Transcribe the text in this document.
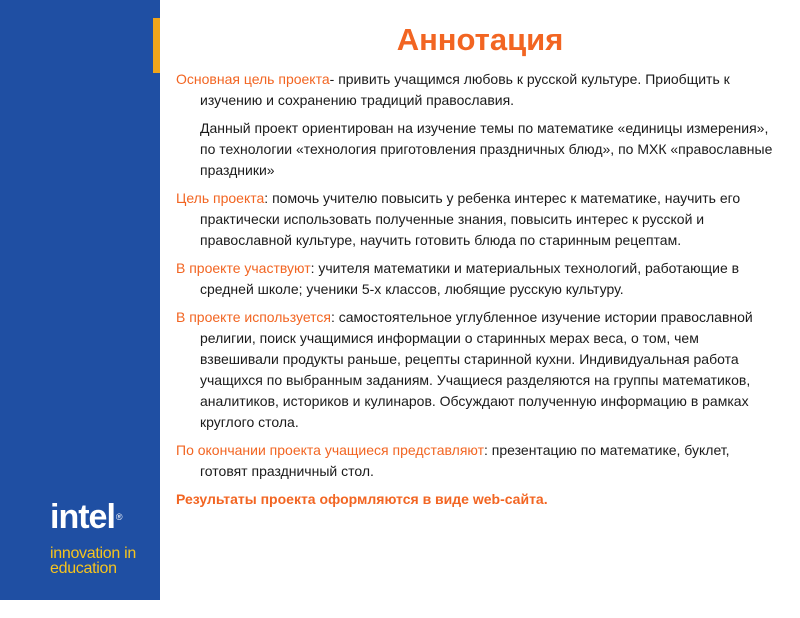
intel®
innovation in
education
Аннотация

Основная цель проекта- привить учащимся любовь к русской культуре. Приобщить к изучению и сохранению традиций православия.

Данный проект ориентирован на изучение темы по математике «единицы измерения», по технологии «технология приготовления праздничных блюд», по МХК «православные праздники»

Цель проекта: помочь учителю повысить у ребенка интерес к математике, научить его практически использовать полученные знания, повысить интерес к русской и православной культуре, научить готовить блюда по старинным рецептам.

В проекте участвуют: учителя математики и материальных технологий, работающие в средней школе; ученики 5-х классов, любящие русскую культуру.

В проекте используется: самостоятельное углубленное изучение истории православной религии, поиск учащимися информации о старинных мерах веса, о том, чем взвешивали продукты раньше, рецепты старинной кухни. Индивидуальная работа учащихся по выбранным заданиям. Учащиеся разделяются на группы математиков, аналитиков, историков и кулинаров. Обсуждают полученную информацию в рамках круглого стола.

По окончании проекта учащиеся представляют: презентацию по математике, буклет, готовят праздничный стол.

Результаты проекта оформляются в виде web-сайта.
